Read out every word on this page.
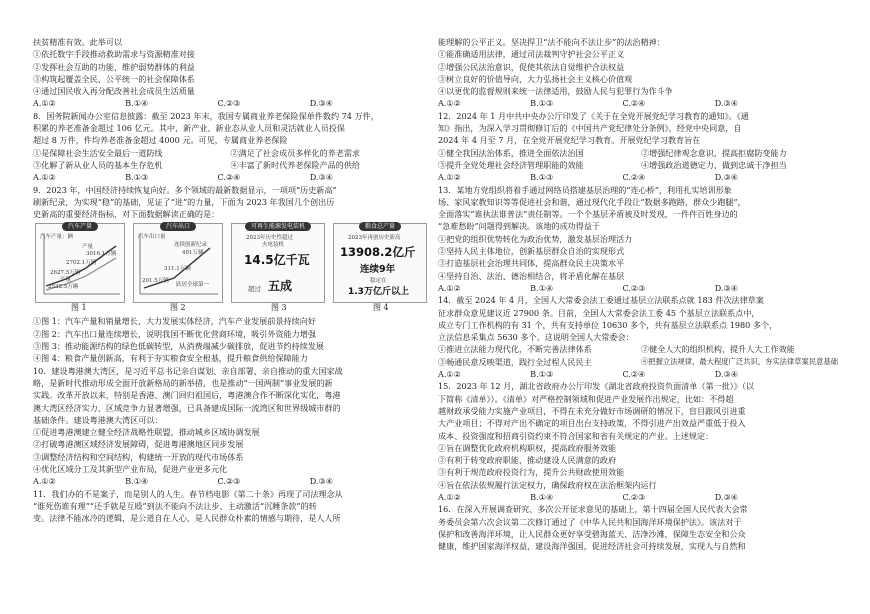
扶贫精准有效。此举可以

①依托数字手段推动救助需求与资源精准对接

②发挥社会互助的功能，维护弱势群体的利益

③构筑起覆盖全民、公平统一的社会保障体系

④通过国民收入再分配改善社会成员生活质量

A.①②	B.①④	C.②③	D.③④

8．国务院新闻办公室信息披露：截至 2023 年末，我国专属商业养老保险保单件数约 74 万件，

积累的养老准备金超过 106 亿元。其中，新产业、新业态从业人员和灵活就业人员投保

超过 8 万件，件均养老准备金超过 4000 元。可见，专属商业养老保险

①是保障社会生活安全最后一道防线	②满足了社会成员多样化的养老需求
③化解了新从业人员的基本生存危机	④丰富了新时代养老保险产品的供给
A.①②	B.①③	C.②④	D.③④

9．2023 年，中国经济持续恢复向好。多个领域的最新数据显示，一项项“历史新高”

刷新纪录，为实现“稳”的基础，见证了“进”的力量，下面为 2023 年我国几个创出历

史新高的重要经济指标，对下面数据解读正确的是：

汽车产量
汽车产量：辆
产量
3016.1万辆
2702.1万辆
2627.5万辆
产量
2532.5万辆
图 1
汽车出口
汽车出口量
连续创新纪录
491万辆
311.1万辆
201.5万辆
跃居全球第一
图 2
可再生能源发电装机
2023年历史性超过
火电装机
14.5亿千瓦
超过 五成
图 3
粮食总产量
2023年再创历史新高
13908.2亿斤
连续9年
稳定在
1.3万亿斤以上
图 4

①图 1：汽车产量和销量增长，大力发展实体经济，汽车产业发展前景持续向好

②图 2：汽车出口量连续增长，说明我国不断优化营商环境，吸引外资能力增强

③图 3：推动能源结构的绿色低碳转型，从消费端减少碳排放，促进节约持续发展

④图 4：粮食产量创新高，有利于夯实粮食安全根基，提升粮食供给保障能力

10．建设粤港澳大湾区，是习近平总书记亲自谋划、亲自部署、亲自推动的重大国家战

略，是新时代推动形成全面开放新格局的新举措，也是推动“一国两制”事业发展的新

实践。改革开放以来，特别是香港、澳门回归祖国后，粤港澳合作不断深化实化，粤港

澳大湾区经济实力、区域竞争力显著增强，已具备建成国际一流湾区和世界级城市群的

基础条件。建设粤港澳大湾区可以：

①促进粤港澳建立健全经济战略性联盟，推动城乡区域协调发展

②打破粤港澳区域经济发展障碍，促进粤港澳地区同步发展

③调整经济结构和空间结构，构建统一开放的现代市场体系

④优化区域分工及其新型产业布局，促进产业更多元化

A.①②	B.①④	C.②③	D.③④

11．我们办的不是案子，而是别人的人生。春节档电影《第二十条》再现了司法理念从

“谁死伤谁有理”“还手就是互殴”到法不能向不法让步、主动激活“沉睡条款”的转

变。法律不能冰冷的逻辑，是公道自在人心，是人民群众朴素的情感与期待，是人人所

能理解的公平正义。坚决捍卫“法不能向不法让步”的法治精神：

①能准确适用法律，通过司法裁判守护社会公平正义

②增强公民法治意识，促使其依法自觉维护合法权益

③树立良好的价值导向，大力弘扬社会主义核心价值观

④以更优的监督规则来统一法律适用，鼓励人民与犯罪行为作斗争

A.①②	B.①③	C.②④	D.③④

12．2024 年 1 月中共中央办公厅印发了《关于在全党开展党纪学习教育的通知》。《通

知》指出，为深入学习贯彻修订后的《中国共产党纪律处分条例》，经党中央同意，自

2024 年 4 月至 7 月，在全党开展党纪学习教育。开展党纪学习教育旨在

①健全我国法治体系，推进全面依法治国	②增强纪律观念意识，提高拒腐防变能力
③提升全党处理社会经济管理职能的效能	④增强政治道德定力，做到忠诚干净担当
A.①②	B.①③	C.②④	D.③④

13．某地方党组织将着手通过网络员搭建基层治理的“连心桥”，利用扎实培训形象

场、家风家教知识等等促进社会和谐，通过现代化手段让“数据多跑路，群众少跑腿”，

全面落实“谁执法谁普法”责任制等。一个个基层矛盾被及时发现，一件件百姓身边的

“急难愁盼”问题得到解决。该地的成功得益于

①把党的组织优势转化为政治优势，激发基层治理活力

②坚持人民主体地位，创新基层群众自治的实现形式

③打造基层社会治理共同体，提高群众民主决策水平

④坚持自治、法治、德治相结合，将矛盾化解在基层

A.①②	B.①④	C.②③	D.③④

14．截至 2024 年 4 月，全国人大常委会法工委通过基层立法联系点就 183 件次法律草案

征求群众意见建议近 27900 条。目前，全国人大常委会法工委 45 个基层立法联系点中，

成立专门工作机构的有 31 个，共有支持单位 10630 多个，共有基层立法联系点 1980 多个，

立法信息采集点 5630 多个。这说明全国人大常委会：

①推进立法能力现代化，不断完善法律体系	②健全人大的组织机构，提升人大工作效能
③畅通民意反映渠道，践行全过程人民民主	④把握立法规律，最大程度广泛共识，夯实法律草案民意基础
A.①②	B.①③	C.②④	D.③④

15．2023 年 12 月，湖北省政府办公厅印发《湖北省政府投资负面清单（第一批）》（以

下简称《清单》）。《清单》对严格控制领域和促进产业发展作出规定，比如：不得超

越财政承受能力实施产业项目，不得在未充分做好市场调研的情况下，盲目跟风引进重

大产业项目；不得对产出不确定的项目出台支持政策，不得引进产出效益严重低于投入

成本、投资强度和招商引资约束不符合国家和省有关规定的产业。上述规定：

①旨在调整优化政府机构职权，提高政府服务效能

②有利于转变政府职能，推动建设人民满意的政府

③有利于规范政府投资行为，提升公共财政使用效能

④旨在依法依规履行法定权力，确保政府权在法治框架内运行

A.①②	B.①④	C.②③	D.③④

16．在深入开展调查研究、多次公开征求意见的基础上，第十四届全国人民代表大会常

务委员会第六次会议第二次修订通过了《中华人民共和国海洋环境保护法》。该法对于

保护和改善海洋环境，让人民群众更好享受碧海蓝天、洁净沙滩，保障生态安全和公众

健康，维护国家海洋权益，建设海洋强国，促进经济社会可持续发展，实现人与自然和
